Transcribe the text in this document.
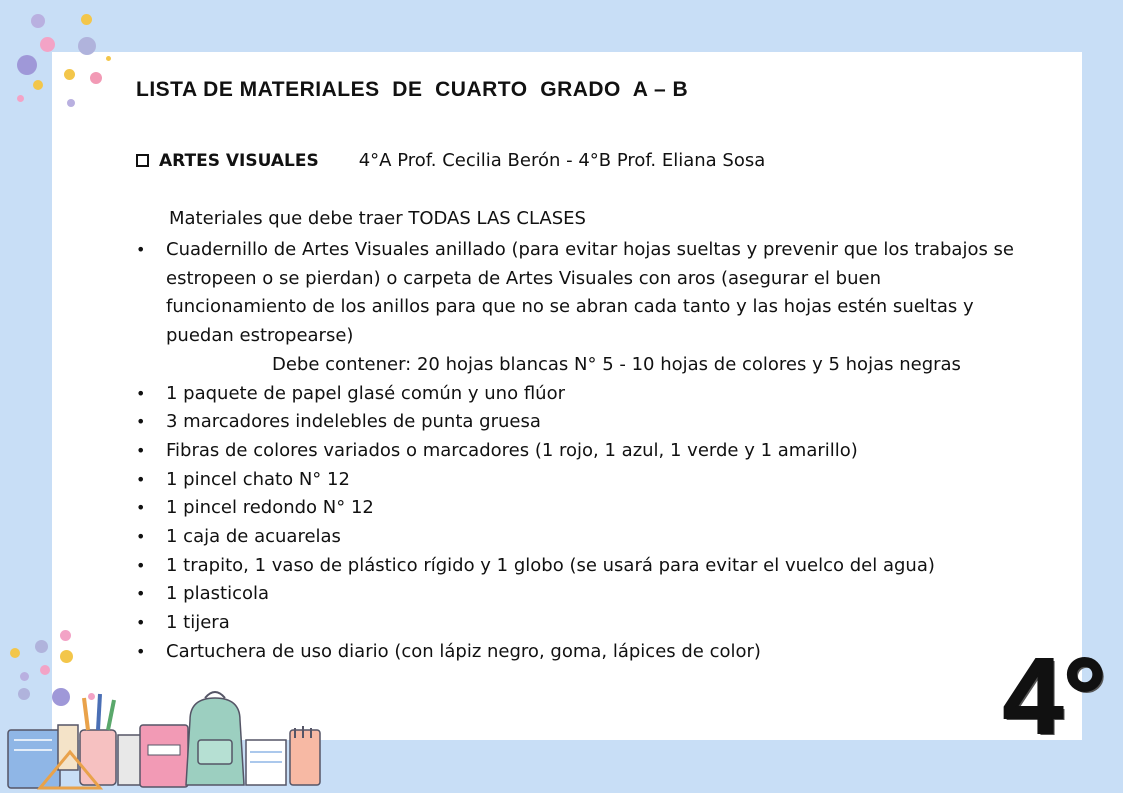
LISTA DE MATERIALES  DE  CUARTO  GRADO  A – B
ARTES VISUALES 4°A Prof. Cecilia Berón - 4°B Prof. Eliana Sosa
Materiales que debe traer TODAS LAS CLASES
• Cuadernillo de Artes Visuales anillado (para evitar hojas sueltas y prevenir que los trabajos se estropeen o se pierdan) o carpeta de Artes Visuales con aros (asegurar el buen funcionamiento de los anillos para que no se abran cada tanto y las hojas estén sueltas y puedan estropearse)
Debe contener: 20 hojas blancas N° 5 - 10 hojas de colores y 5 hojas negras
• 1 paquete de papel glasé común y uno flúor
• 3 marcadores indelebles de punta gruesa
• Fibras de colores variados o marcadores (1 rojo, 1 azul, 1 verde y 1 amarillo)
• 1 pincel chato N° 12
• 1 pincel redondo N° 12
• 1 caja de acuarelas
• 1 trapito, 1 vaso de plástico rígido y 1 globo (se usará para evitar el vuelco del agua)
• 1 plasticola
• 1 tijera
• Cartuchera de uso diario (con lápiz negro, goma, lápices de color)	4°
